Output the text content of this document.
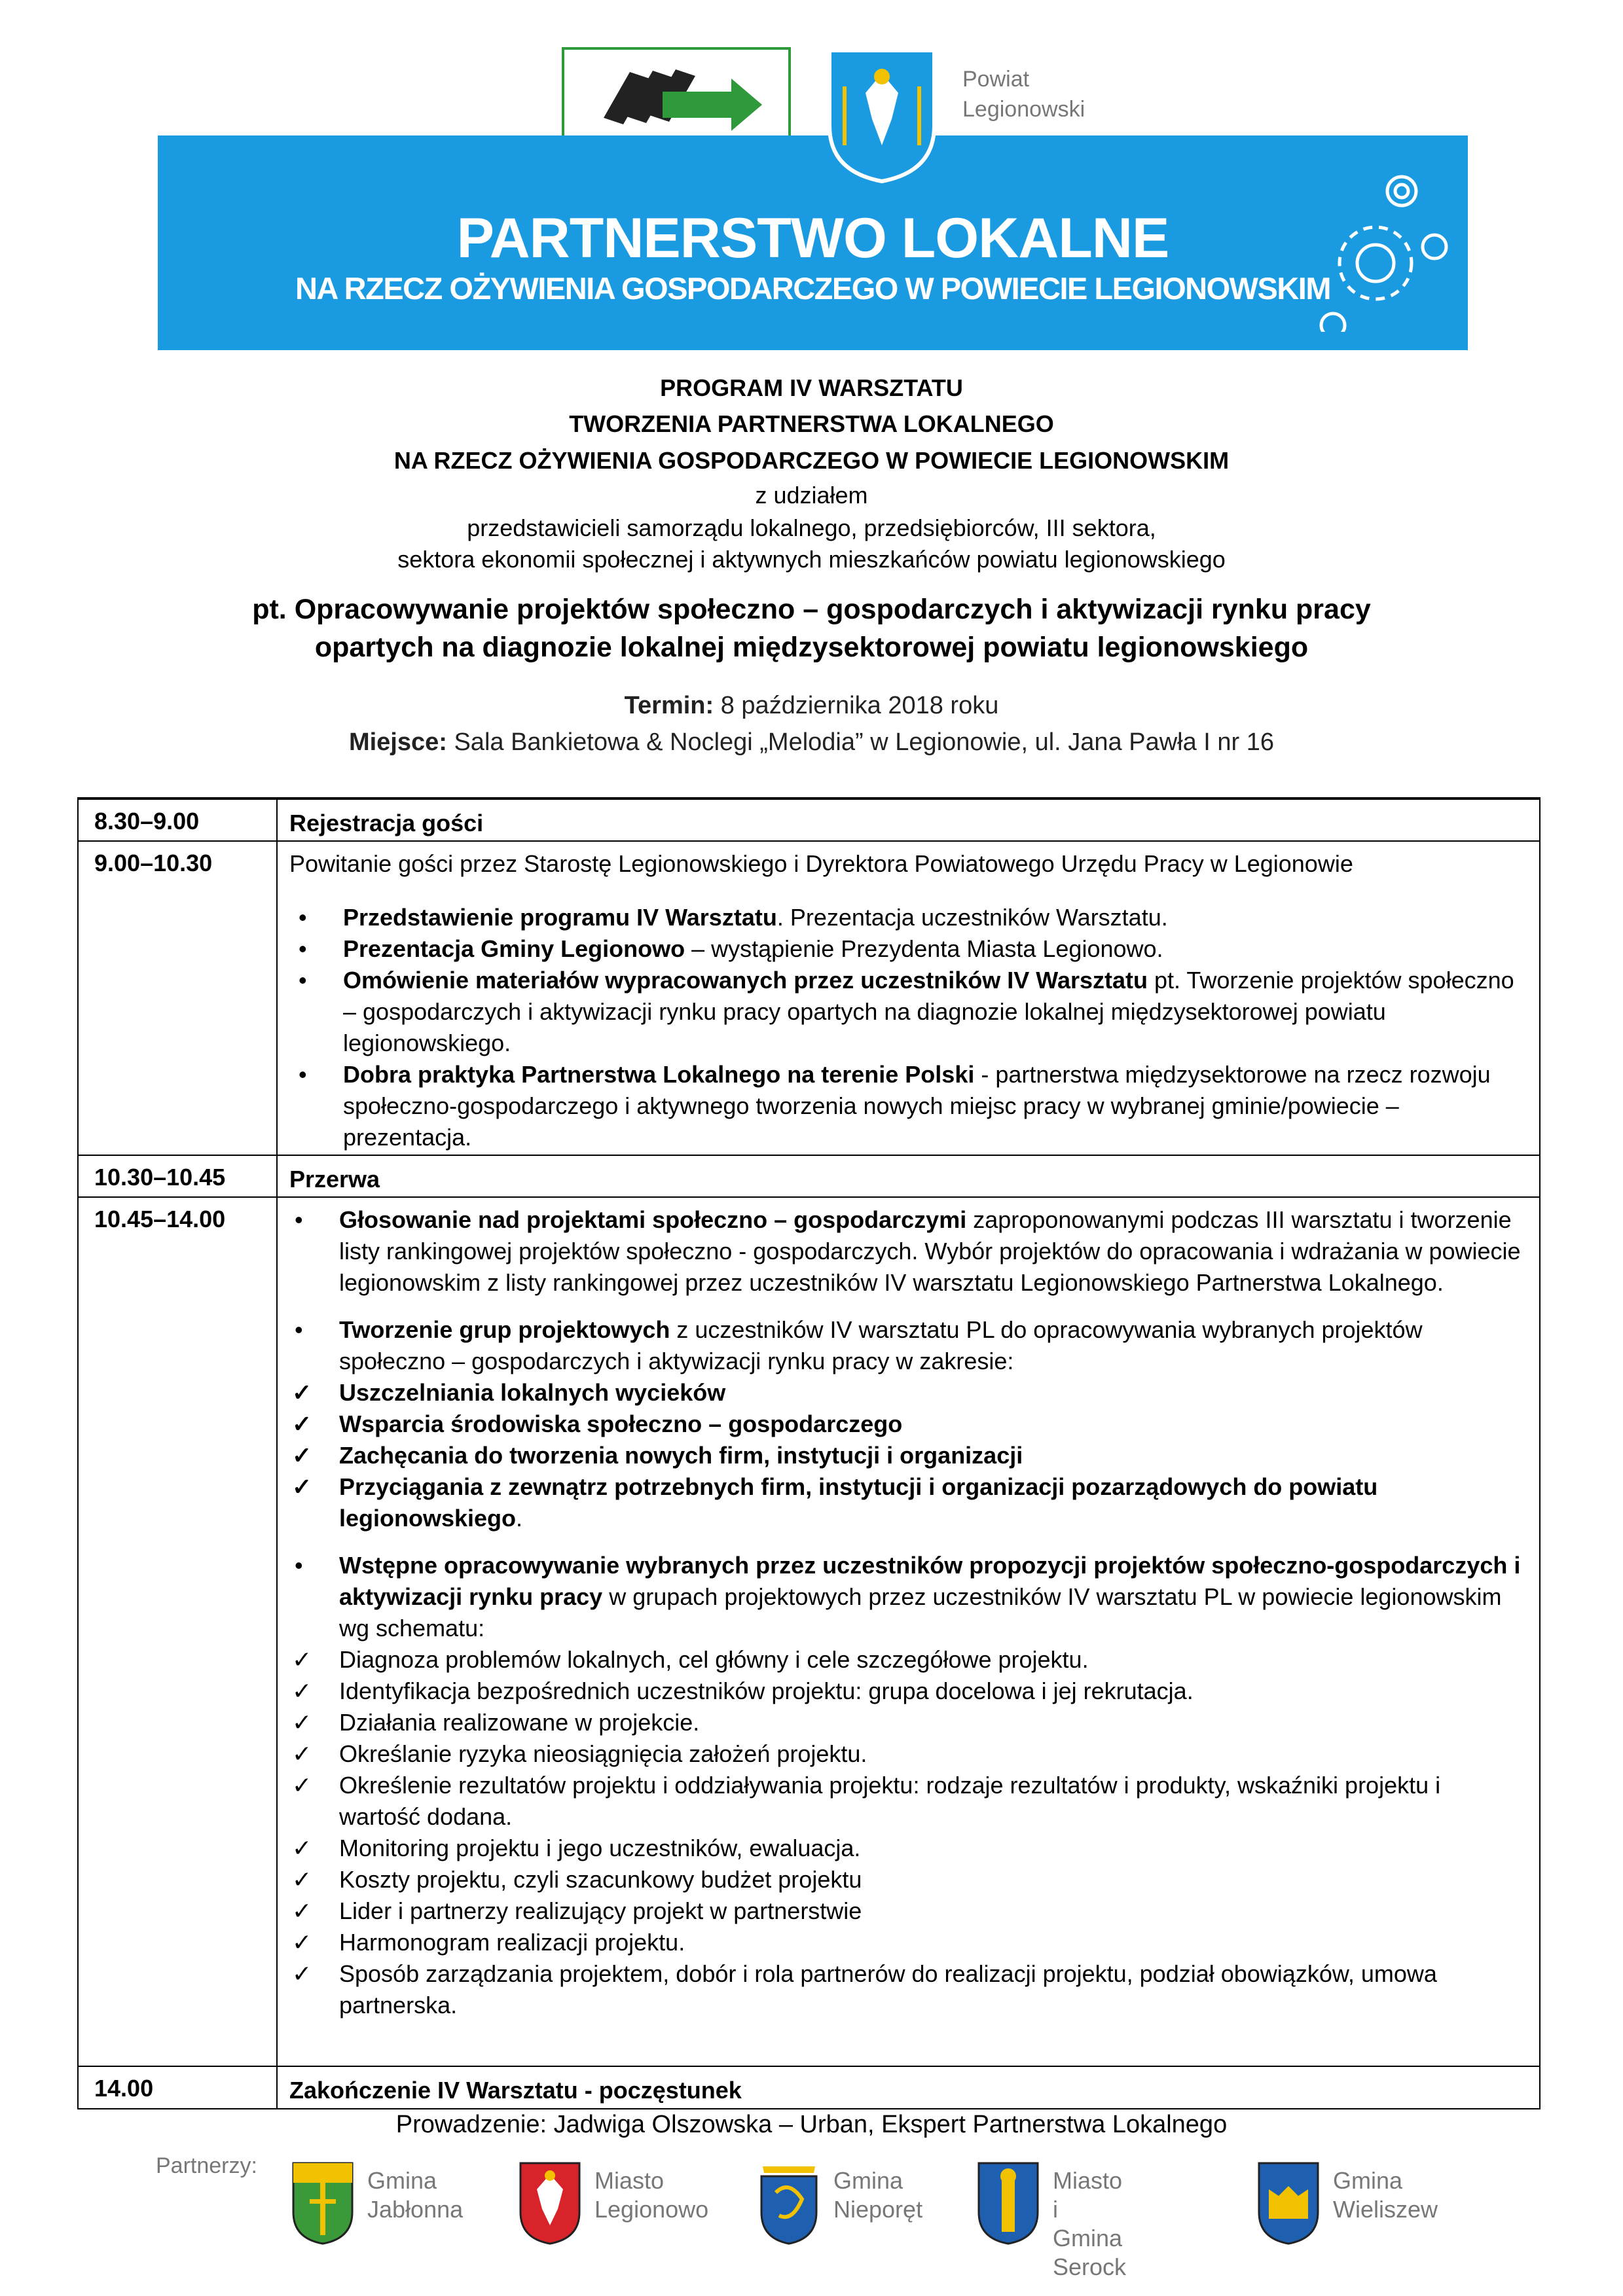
PARTNERSTWO LOKALNE
NA RZECZ OŻYWIENIA GOSPODARCZEGO W POWIECIE LEGIONOWSKIM
Powiat
Legionowski
PROGRAM IV WARSZTATU
TWORZENIA PARTNERSTWA LOKALNEGO
NA RZECZ OŻYWIENIA GOSPODARCZEGO W POWIECIE LEGIONOWSKIM
z udziałem
przedstawicieli samorządu lokalnego, przedsiębiorców, III sektora,
sektora ekonomii społecznej i aktywnych mieszkańców powiatu legionowskiego
pt. Opracowywanie projektów społeczno – gospodarczych i aktywizacji rynku pracy
opartych na diagnozie lokalnej międzysektorowej powiatu legionowskiego
Termin: 8 października 2018 roku
Miejsce: Sala Bankietowa & Noclegi „Melodia” w Legionowie, ul. Jana Pawła I nr 16
8.30–9.00	Rejestracja gości
9.00–10.30	Powitanie gości przez Starostę Legionowskiego i Dyrektora Powiatowego Urzędu Pracy w Legionowie
• Przedstawienie programu IV Warsztatu. Prezentacja uczestników Warsztatu.
• Prezentacja Gminy Legionowo – wystąpienie Prezydenta Miasta Legionowo.
• Omówienie materiałów wypracowanych przez uczestników IV Warsztatu pt. Tworzenie projektów społeczno – gospodarczych i aktywizacji rynku pracy opartych na diagnozie lokalnej międzysektorowej powiatu legionowskiego.
• Dobra praktyka Partnerstwa Lokalnego na terenie Polski - partnerstwa międzysektorowe na rzecz rozwoju społeczno-gospodarczego i aktywnego tworzenia nowych miejsc pracy w wybranej gminie/powiecie – prezentacja.
10.30–10.45	Przerwa
10.45–14.00
•	Głosowanie nad projektami społeczno – gospodarczymi zaproponowanymi podczas III warsztatu i tworzenie listy rankingowej projektów społeczno - gospodarczych. Wybór projektów do opracowania i wdrażania w powiecie legionowskim z listy rankingowej przez uczestników IV warsztatu Legionowskiego Partnerstwa Lokalnego.
• Tworzenie grup projektowych z uczestników IV warsztatu PL do opracowywania wybranych projektów społeczno – gospodarczych i aktywizacji rynku pracy w zakresie:
✓ Uszczelniania lokalnych wycieków
✓ Wsparcia środowiska społeczno – gospodarczego
✓ Zachęcania do tworzenia nowych firm, instytucji i organizacji
✓ Przyciągania z zewnątrz potrzebnych firm, instytucji i organizacji pozarządowych do powiatu legionowskiego.
• Wstępne opracowywanie wybranych przez uczestników propozycji projektów społeczno-gospodarczych i aktywizacji rynku pracy w grupach projektowych przez uczestników IV warsztatu PL w powiecie legionowskim wg schematu:
✓ Diagnoza problemów lokalnych, cel główny i cele szczegółowe projektu.
✓ Identyfikacja bezpośrednich uczestników projektu: grupa docelowa i jej rekrutacja.
✓ Działania realizowane w projekcie.
✓ Określanie ryzyka nieosiągnięcia założeń projektu.
✓ Określenie rezultatów projektu i oddziaływania projektu: rodzaje rezultatów i produkty, wskaźniki projektu i wartość dodana.
✓ Monitoring projektu i jego uczestników, ewaluacja.
✓ Koszty projektu, czyli szacunkowy budżet projektu
✓ Lider i partnerzy realizujący projekt w partnerstwie
✓ Harmonogram realizacji projektu.
✓ Sposób zarządzania projektem, dobór i rola partnerów do realizacji projektu, podział obowiązków, umowa partnerska.
14.00	Zakończenie IV Warsztatu - poczęstunek
Prowadzenie: Jadwiga Olszowska – Urban, Ekspert Partnerstwa Lokalnego
Partnerzy:
Gmina
Jabłonna
Miasto
Legionowo
Gmina
Nieporęt
Miasto i Gmina
Serock
Gmina
Wieliszew
